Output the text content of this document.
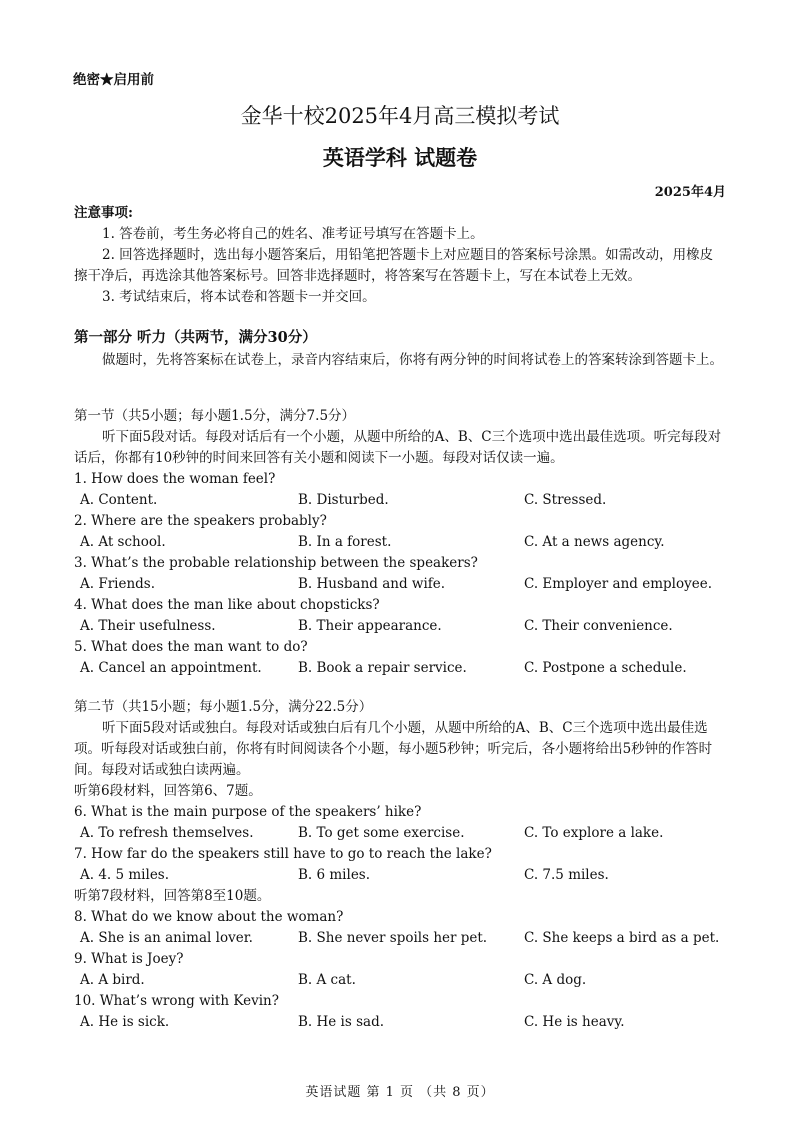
绝密★启用前
金华十校2025年4月高三模拟考试
英语学科 试题卷
2025年4月
注意事项:
1. 答卷前，考生务必将自己的姓名、准考证号填写在答题卡上。
2. 回答选择题时，选出每小题答案后，用铅笔把答题卡上对应题目的答案标号涂黑。如需改动，用橡皮擦干净后，再选涂其他答案标号。回答非选择题时，将答案写在答题卡上，写在本试卷上无效。
3. 考试结束后，将本试卷和答题卡一并交回。
第一部分 听力（共两节，满分30分）
做题时，先将答案标在试卷上，录音内容结束后，你将有两分钟的时间将试卷上的答案转涂到答题卡上。
第一节（共5小题；每小题1.5分，满分7.5分）
听下面5段对话。每段对话后有一个小题，从题中所给的A、B、C三个选项中选出最佳选项。听完每段对话后，你都有10秒钟的时间来回答有关小题和阅读下一小题。每段对话仅读一遍。
1. How does the woman feel?
A. Content.	B. Disturbed.	C. Stressed.
2. Where are the speakers probably?
A. At school.	B. In a forest.	C. At a news agency.
3. What’s the probable relationship between the speakers?
A. Friends.	B. Husband and wife.	C. Employer and employee.
4. What does the man like about chopsticks?
A. Their usefulness.	B. Their appearance.	C. Their convenience.
5. What does the man want to do?
A. Cancel an appointment.	B. Book a repair service.	C. Postpone a schedule.
第二节（共15小题；每小题1.5分，满分22.5分）
听下面5段对话或独白。每段对话或独白后有几个小题，从题中所给的A、B、C三个选项中选出最佳选项。听每段对话或独白前，你将有时间阅读各个小题，每小题5秒钟；听完后，各小题将给出5秒钟的作答时间。每段对话或独白读两遍。
听第6段材料，回答第6、7题。
6. What is the main purpose of the speakers’ hike?
A. To refresh themselves.	B. To get some exercise.	C. To explore a lake.
7. How far do the speakers still have to go to reach the lake?
A. 4. 5 miles.	B. 6 miles.	C. 7.5 miles.
听第7段材料，回答第8至10题。
8. What do we know about the woman?
A. She is an animal lover.	B. She never spoils her pet.	C. She keeps a bird as a pet.
9. What is Joey?
A. A bird.	B. A cat.	C. A dog.
10. What’s wrong with Kevin?
A. He is sick.	B. He is sad.	C. He is heavy.
英语试题 第 1 页 （共 8 页）
